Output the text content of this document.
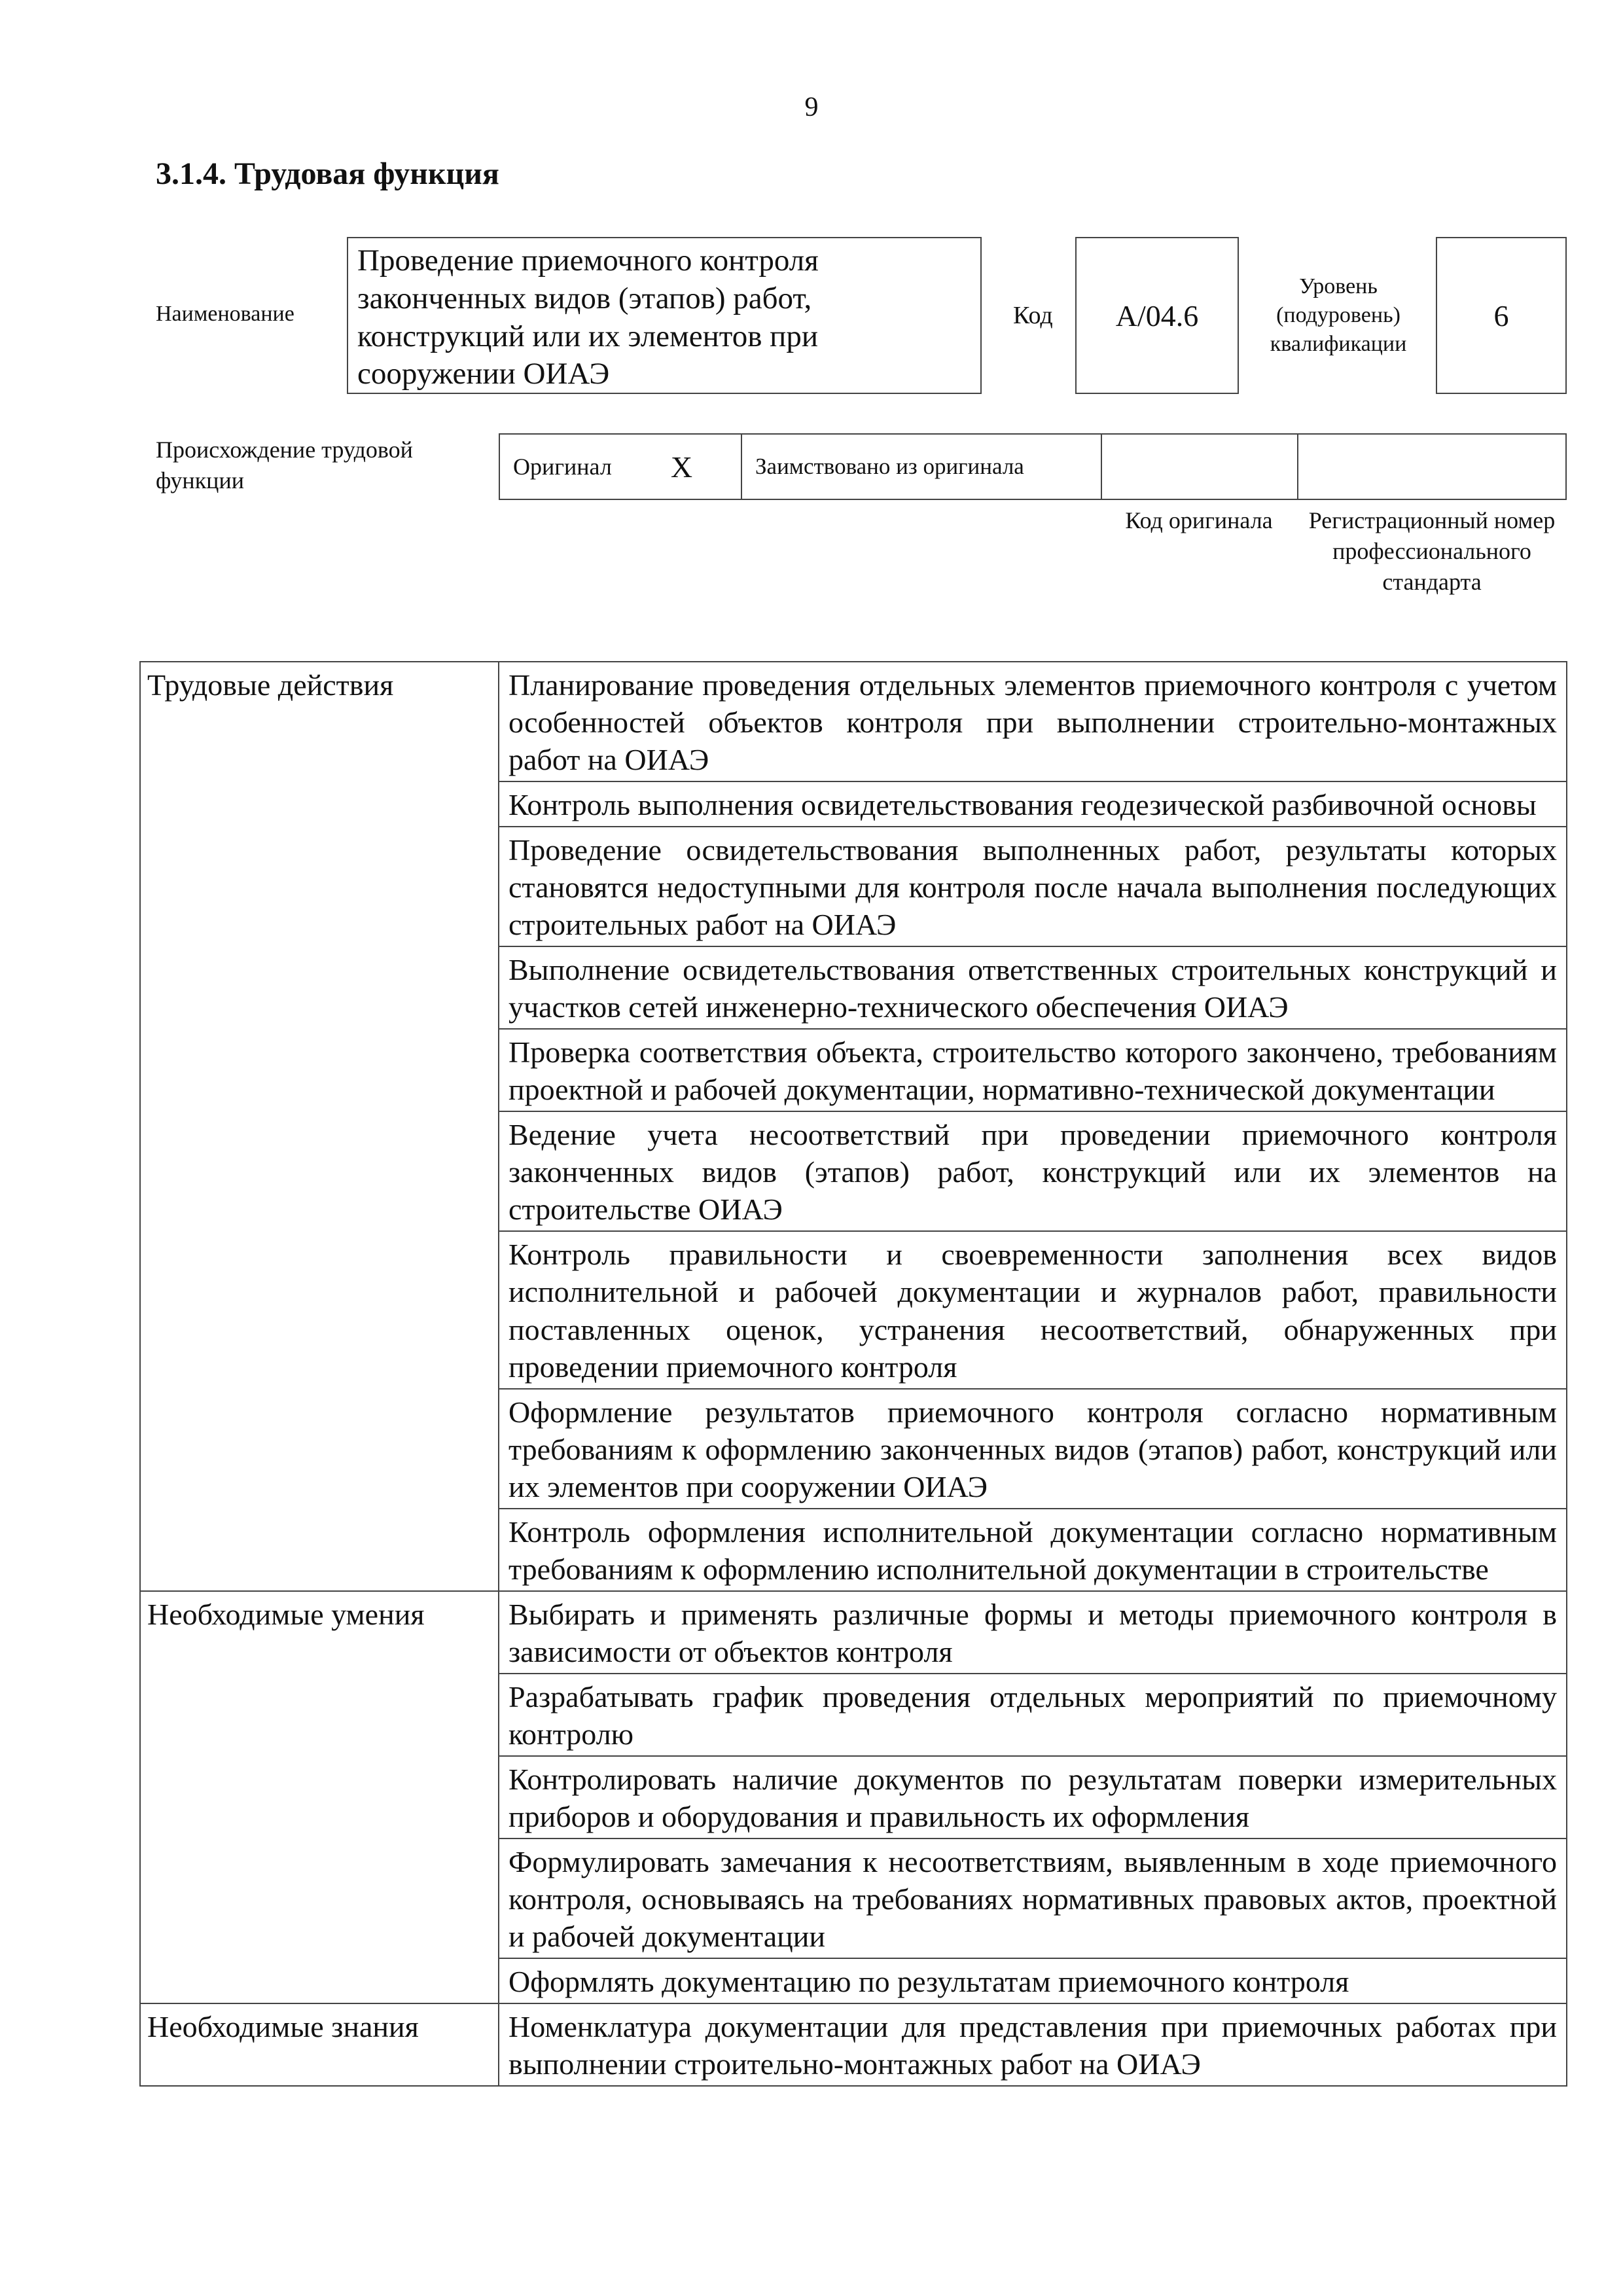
9
3.1.4. Трудовая функция
Наименование
Проведение приемочного контроля законченных видов (этапов) работ, конструкций или их элементов при сооружении ОИАЭ
Код	А/04.6
Уровень (подуровень) квалификации
6
Происхождение трудовой функции
Оригинал X	Заимствовано из оригинала
Код оригинала	Регистрационный номер профессионального стандарта
Трудовые действия	Планирование проведения отдельных элементов приемочного контроля с учетом особенностей объектов контроля при выполнении строительно-монтажных работ на ОИАЭ
	Контроль выполнения освидетельствования геодезической разбивочной основы
	Проведение освидетельствования выполненных работ, результаты которых становятся недоступными для контроля после начала выполнения последующих строительных работ на ОИАЭ
	Выполнение освидетельствования ответственных строительных конструкций и участков сетей инженерно-технического обеспечения ОИАЭ
	Проверка соответствия объекта, строительство которого закончено, требованиям проектной и рабочей документации, нормативно-технической документации
	Ведение учета несоответствий при проведении приемочного контроля законченных видов (этапов) работ, конструкций или их элементов на строительстве ОИАЭ
	Контроль правильности и своевременности заполнения всех видов исполнительной и рабочей документации и журналов работ, правильности поставленных оценок, устранения несоответствий, обнаруженных при проведении приемочного контроля
	Оформление результатов приемочного контроля согласно нормативным требованиям к оформлению законченных видов (этапов) работ, конструкций или их элементов при сооружении ОИАЭ
	Контроль оформления исполнительной документации согласно нормативным требованиям к оформлению исполнительной документации в строительстве
Необходимые умения	Выбирать и применять различные формы и методы приемочного контроля в зависимости от объектов контроля
	Разрабатывать график проведения отдельных мероприятий по приемочному контролю
	Контролировать наличие документов по результатам поверки измерительных приборов и оборудования и правильность их оформления
	Формулировать замечания к несоответствиям, выявленным в ходе приемочного контроля, основываясь на требованиях нормативных правовых актов, проектной и рабочей документации
	Оформлять документацию по результатам приемочного контроля
Необходимые знания	Номенклатура документации для представления при приемочных работах при выполнении строительно-монтажных работ на ОИАЭ
